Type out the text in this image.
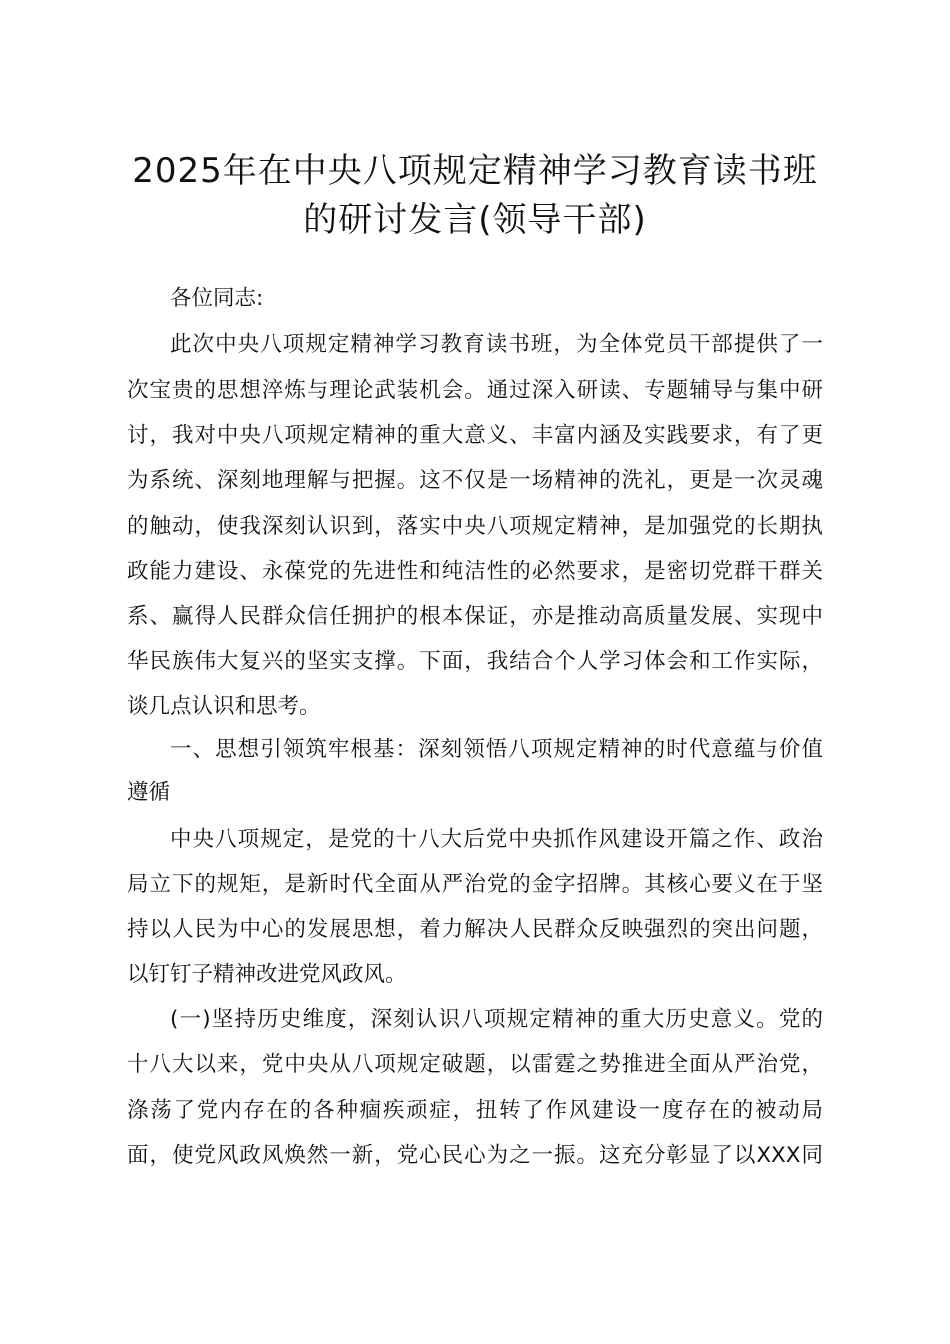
2025年在中央八项规定精神学习教育读书班
的研讨发言(领导干部)
各位同志:
此次中央八项规定精神学习教育读书班，为全体党员干部提供了一
次宝贵的思想淬炼与理论武装机会。通过深入研读、专题辅导与集中研
讨，我对中央八项规定精神的重大意义、丰富内涵及实践要求，有了更
为系统、深刻地理解与把握。这不仅是一场精神的洗礼，更是一次灵魂
的触动，使我深刻认识到，落实中央八项规定精神，是加强党的长期执
政能力建设、永葆党的先进性和纯洁性的必然要求，是密切党群干群关
系、赢得人民群众信任拥护的根本保证，亦是推动高质量发展、实现中
华民族伟大复兴的坚实支撑。下面，我结合个人学习体会和工作实际，
谈几点认识和思考。
一、思想引领筑牢根基：深刻领悟八项规定精神的时代意蕴与价值
遵循
中央八项规定，是党的十八大后党中央抓作风建设开篇之作、政治
局立下的规矩，是新时代全面从严治党的金字招牌。其核心要义在于坚
持以人民为中心的发展思想，着力解决人民群众反映强烈的突出问题，
以钉钉子精神改进党风政风。
(一)坚持历史维度，深刻认识八项规定精神的重大历史意义。党的
十八大以来，党中央从八项规定破题，以雷霆之势推进全面从严治党，
涤荡了党内存在的各种痼疾顽症，扭转了作风建设一度存在的被动局
面，使党风政风焕然一新，党心民心为之一振。这充分彰显了以XXX同
